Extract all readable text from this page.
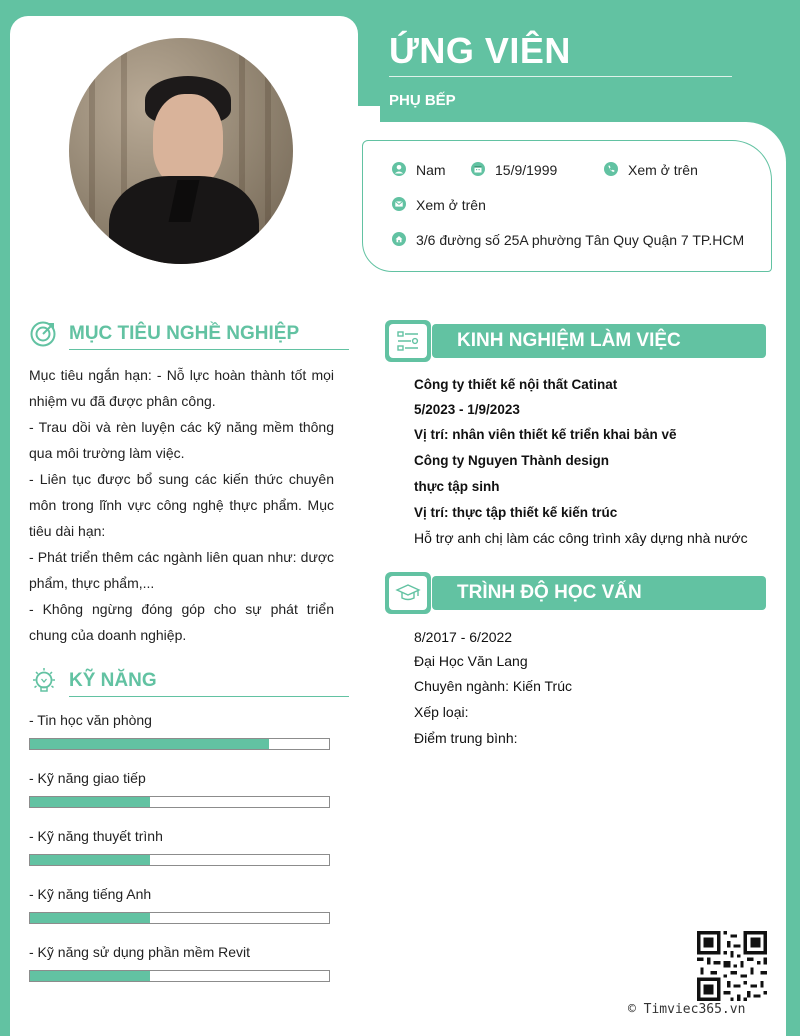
ỨNG VIÊN
PHỤ BẾP
Nam	15/9/1999	Xem ở trên
Xem ở trên
3/6 đường số 25A phường Tân Quy Quận 7 TP.HCM
MỤC TIÊU NGHỀ NGHIỆP

Mục tiêu ngắn hạn: - Nỗ lực hoàn thành tốt mọi nhiệm vu đã được phân công.

- Trau dồi và rèn luyện các kỹ năng mềm thông qua môi trường làm việc.

- Liên tục được bổ sung các kiến thức chuyên môn trong lĩnh vực công nghệ thực phẩm. Mục tiêu dài hạn:

- Phát triển thêm các ngành liên quan như: dược phẩm, thực phẩm,...

- Không ngừng đóng góp cho sự phát triển chung của doanh nghiệp.

KỸ NĂNG
- Tin học văn phòng
- Kỹ năng giao tiếp
- Kỹ năng thuyết trình
- Kỹ năng tiếng Anh
- Kỹ năng sử dụng phần mềm Revit
KINH NGHIỆM LÀM VIỆC
Công ty thiết kế nội thất Catinat
5/2023 - 1/9/2023
Vị trí: nhân viên thiết kế triển khai bản vẽ
Công ty Nguyen Thành design
thực tập sinh
Vị trí: thực tập thiết kế kiến trúc
Hỗ trợ anh chị làm các công trình xây dựng nhà nước
TRÌNH ĐỘ HỌC VẤN
8/2017 - 6/2022
Đại Học Văn Lang
Chuyên ngành: Kiến Trúc
Xếp loại:
Điểm trung bình:
© Timviec365.vn
